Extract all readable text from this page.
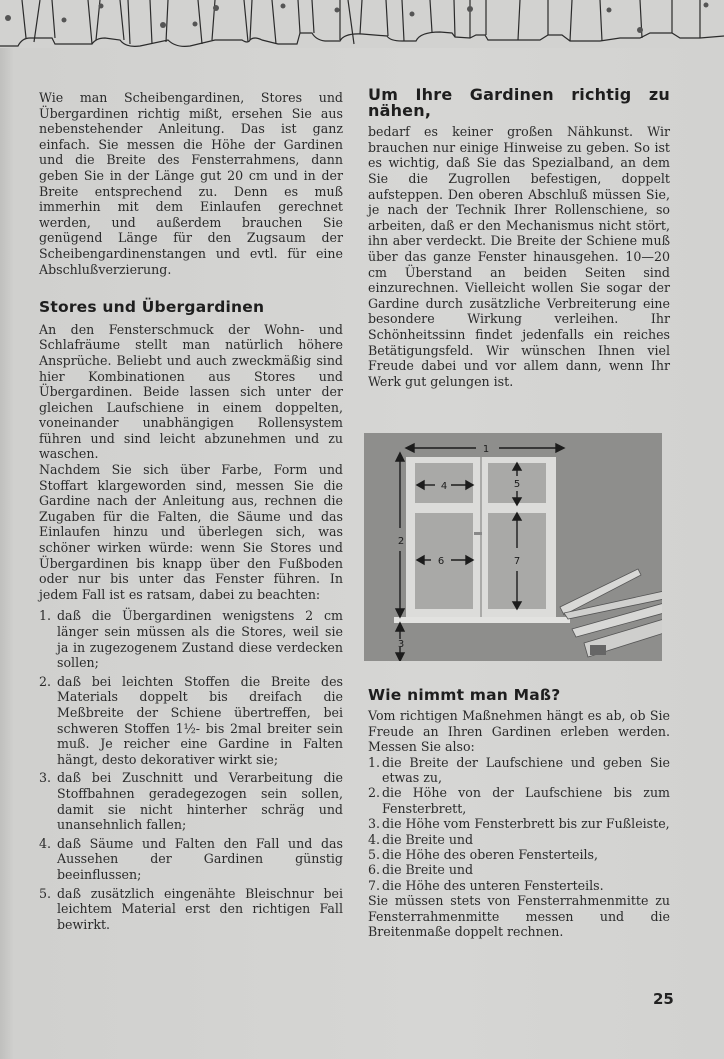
Wie man Scheibengardinen, Stores und Übergardinen richtig mißt, ersehen Sie aus nebenstehender Anleitung. Das ist ganz einfach. Sie messen die Höhe der Gardinen und die Breite des Fensterrahmens, dann geben Sie in der Länge gut 20 cm und in der Breite entsprechend zu. Denn es muß immerhin mit dem Einlaufen gerechnet werden, und außerdem brauchen Sie genügend Länge für den Zugsaum der Scheibengardinenstangen und evtl. für eine Abschlußverzierung.

Stores und Übergardinen

An den Fensterschmuck der Wohn- und Schlafräume stellt man natürlich höhere Ansprüche. Beliebt und auch zweckmäßig sind hier Kombinationen aus Stores und Übergardinen. Beide lassen sich unter der gleichen Laufschiene in einem doppelten, voneinander unabhängigen Rollensystem führen und sind leicht abzunehmen und zu waschen.

Nachdem Sie sich über Farbe, Form und Stoffart klargeworden sind, messen Sie die Gardine nach der Anleitung aus, rechnen die Zugaben für die Falten, die Säume und das Einlaufen hinzu und überlegen sich, was schöner wirken würde: wenn Sie Stores und Übergardinen bis knapp über den Fußboden oder nur bis unter das Fenster führen. In jedem Fall ist es ratsam, dabei zu beachten:

1. daß die Übergardinen wenigstens 2 cm länger sein müssen als die Stores, weil sie ja in zugezogenem Zustand diese verdecken sollen;
2. daß bei leichten Stoffen die Breite des Materials doppelt bis dreifach die Meßbreite der Schiene übertreffen, bei schweren Stoffen 1½- bis 2mal breiter sein muß. Je reicher eine Gardine in Falten hängt, desto dekorativer wirkt sie;
3. daß bei Zuschnitt und Verarbeitung die Stoffbahnen geradegezogen sein sollen, damit sie nicht hinterher schräg und unansehnlich fallen;
4. daß Säume und Falten den Fall und das Aussehen der Gardinen günstig beeinflussen;
5. daß zusätzlich eingenähte Bleischnur bei leichtem Material erst den richtigen Fall bewirkt.
Um Ihre Gardinen richtig zu nähen,

bedarf es keiner großen Nähkunst. Wir brauchen nur einige Hinweise zu geben. So ist es wichtig, daß Sie das Spezialband, an dem Sie die Zugrollen befestigen, doppelt aufsteppen. Den oberen Abschluß müssen Sie, je nach der Technik Ihrer Rollenschiene, so arbeiten, daß er den Mechanismus nicht stört, ihn aber verdeckt. Die Breite der Schiene muß über das ganze Fenster hinausgehen. 10—20 cm Überstand an beiden Seiten sind einzurechnen. Vielleicht wollen Sie sogar der Gardine durch zusätzliche Verbreiterung eine besondere Wirkung verleihen. Ihr Schönheitssinn findet jedenfalls ein reiches Betätigungsfeld. Wir wünschen Ihnen viel Freude dabei und vor allem dann, wenn Ihr Werk gut gelungen ist.

1
2
3
4	5
6	7
Wie nimmt man Maß?

Vom richtigen Maßnehmen hängt es ab, ob Sie Freude an Ihren Gardinen erleben werden. Messen Sie also:

1. die Breite der Laufschiene und geben Sie etwas zu,
2. die Höhe von der Laufschiene bis zum Fensterbrett,
3. die Höhe vom Fensterbrett bis zur Fußleiste,
4. die Breite und
5. die Höhe des oberen Fensterteils,
6. die Breite und
7. die Höhe des unteren Fensterteils.

Sie müssen stets von Fensterrahmenmitte zu Fensterrahmenmitte messen und die Breitenmaße doppelt rechnen.

25
